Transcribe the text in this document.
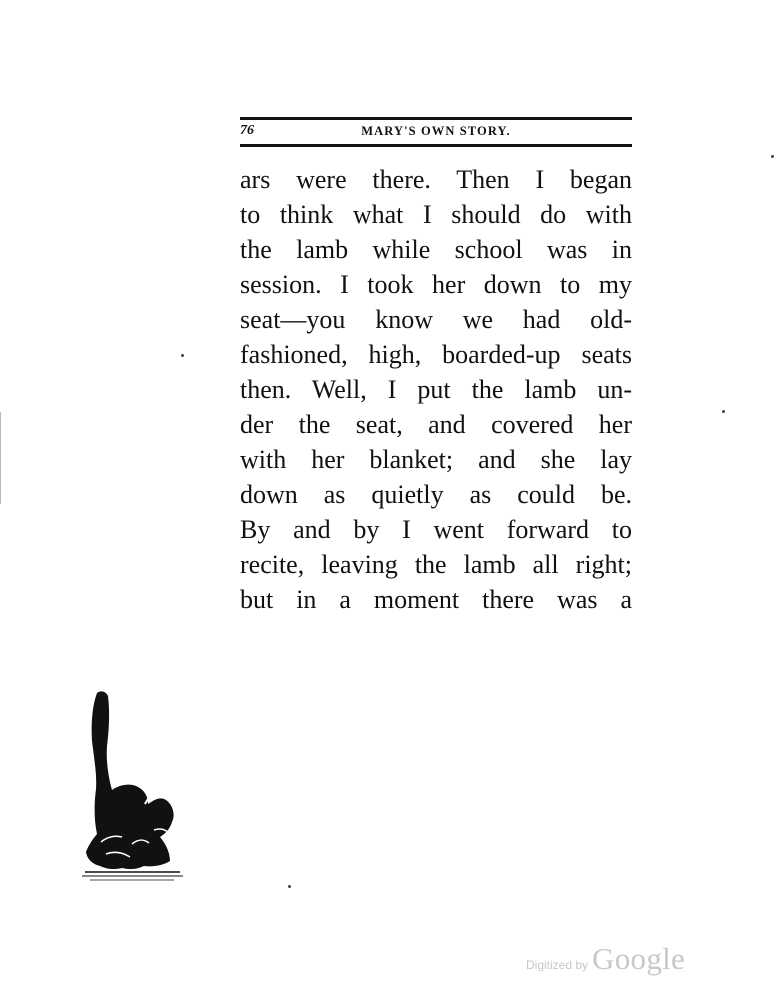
76	MARY'S OWN STORY.
ars were there. Then I began
to think what I should do with
the lamb while school was in
session. I took her down to my
seat—you know we had old-
fashioned, high, boarded-up seats
then. Well, I put the lamb un-
der the seat, and covered her
with her blanket; and she lay
down as quietly as could be.
By and by I went forward to
recite, leaving the lamb all right;
but in a moment there was a
Digitized by Google
